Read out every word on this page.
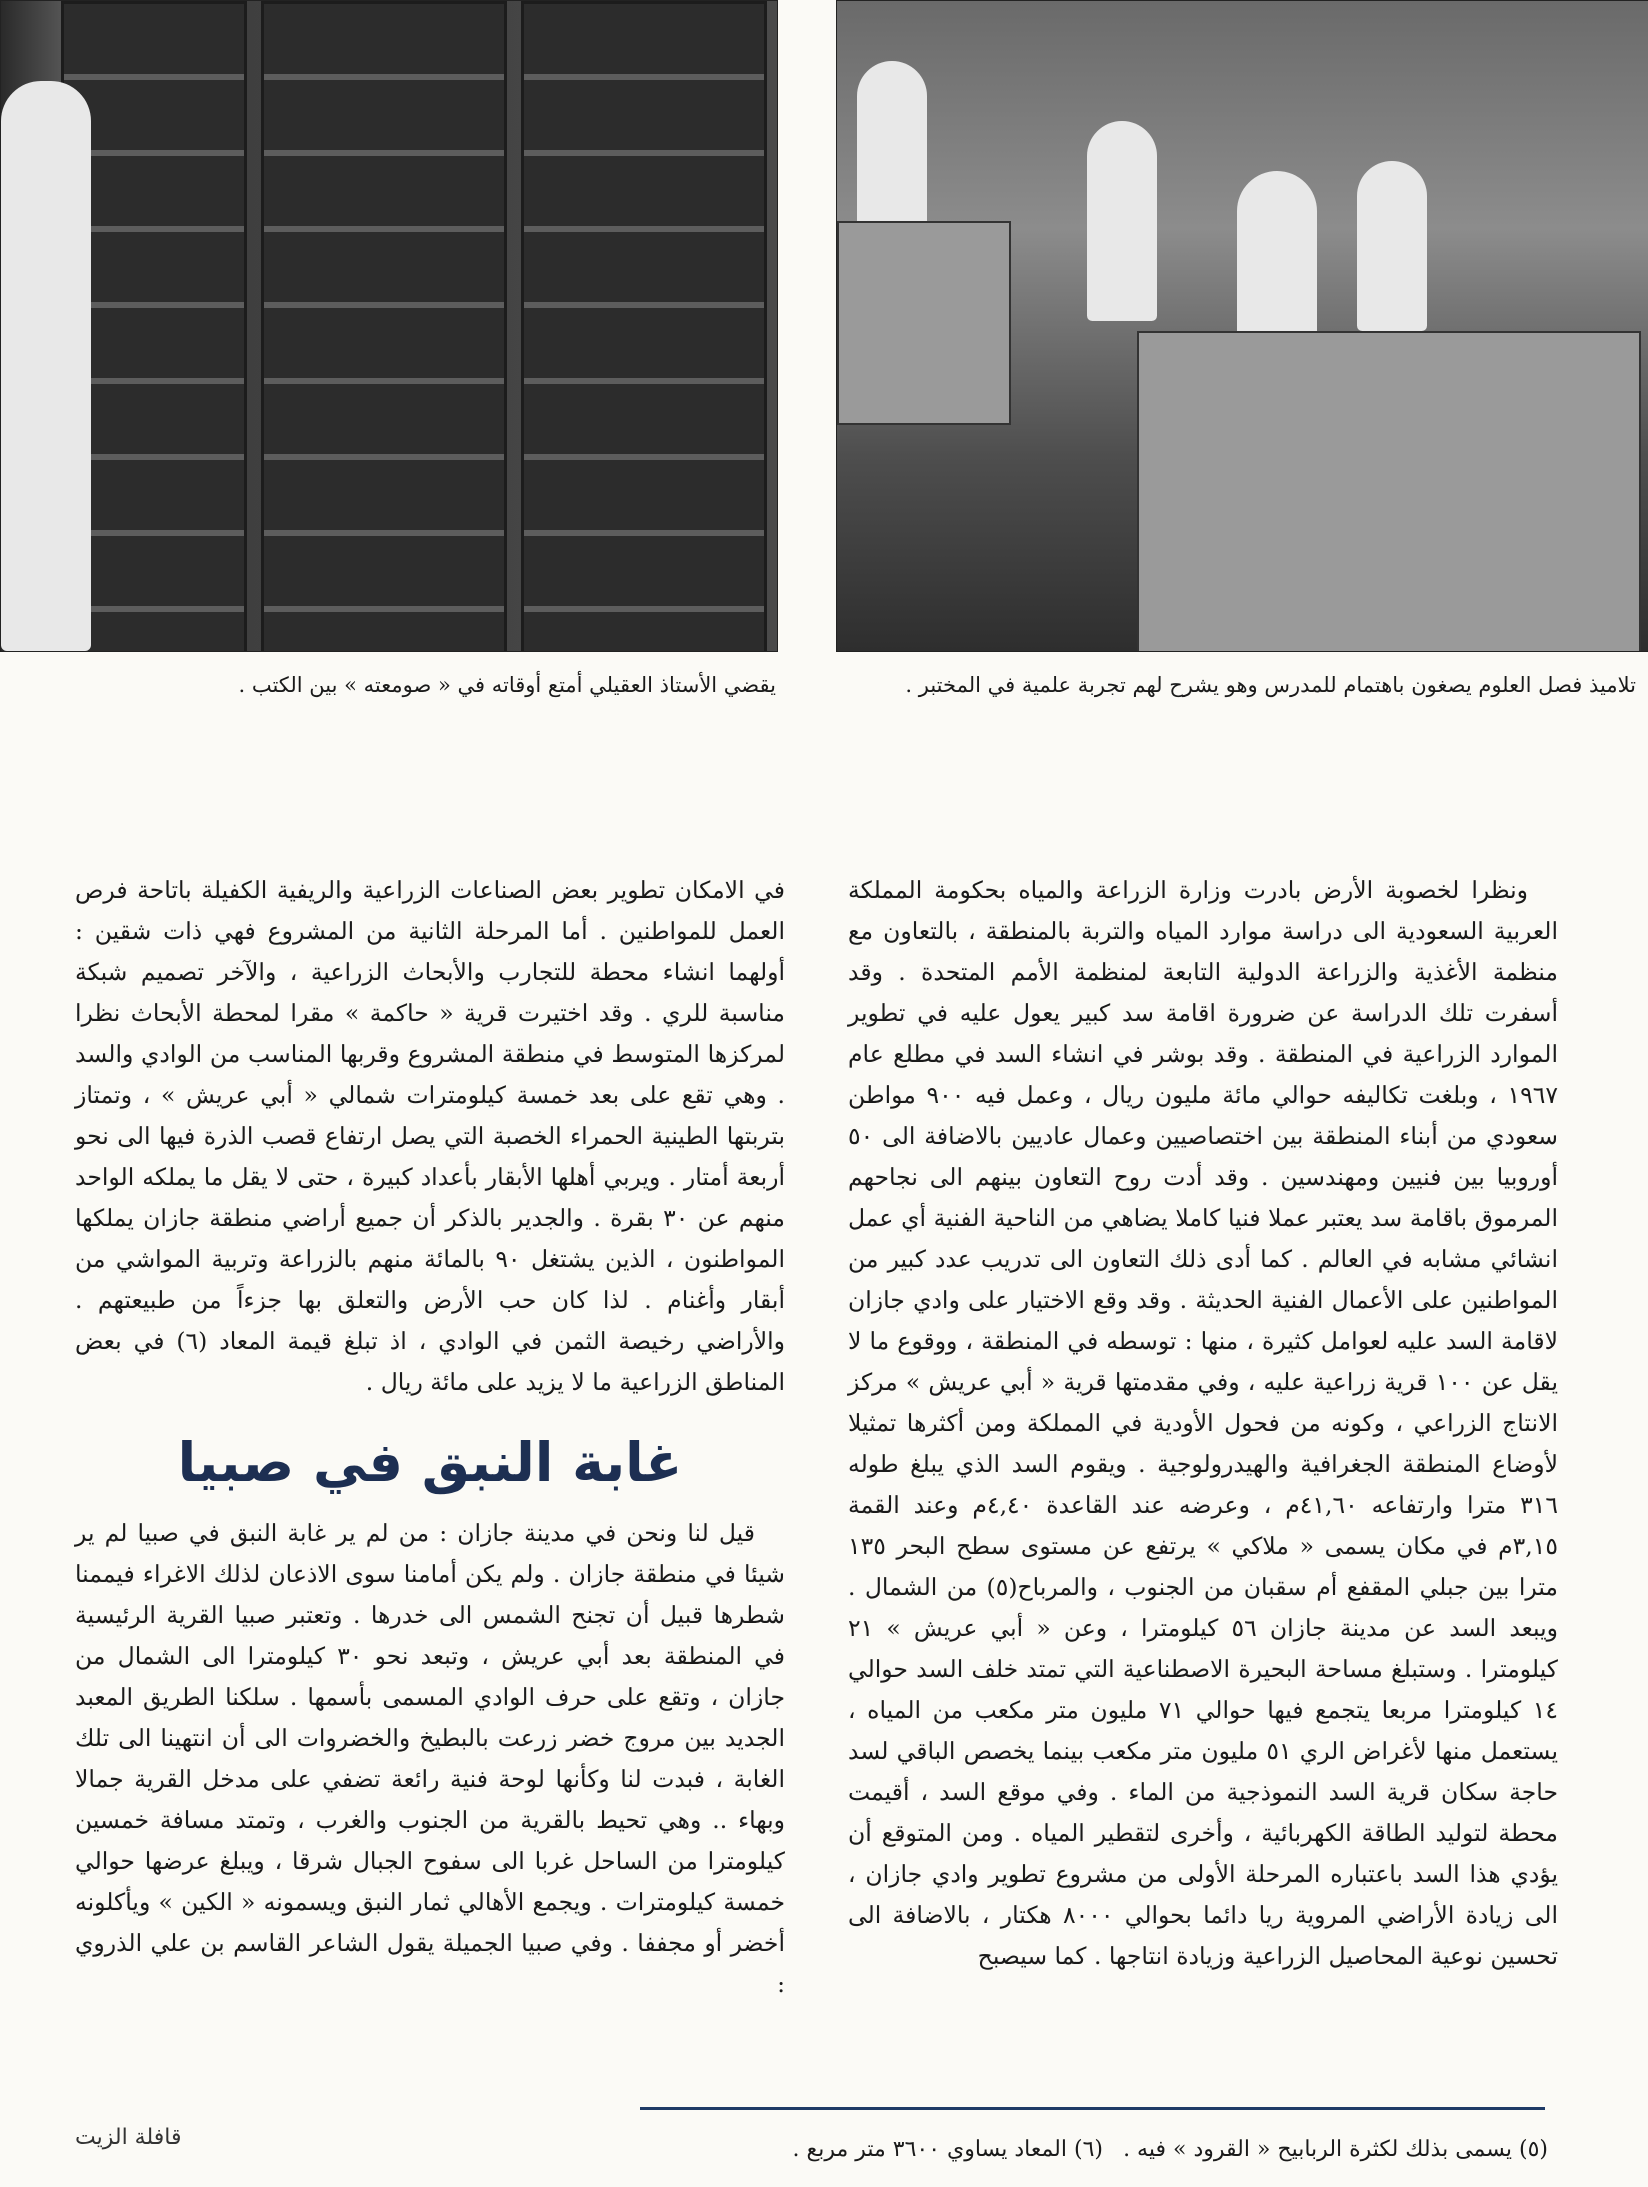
يقضي الأستاذ العقيلي أمتع أوقاته في « صومعته » بين الكتب .	تلاميذ فصل العلوم يصغون باهتمام للمدرس وهو يشرح لهم تجربة علمية في المختبر .

ونظرا لخصوبة الأرض بادرت وزارة الزراعة والمياه بحكومة المملكة العربية السعودية الى دراسة موارد المياه والتربة بالمنطقة ، بالتعاون مع منظمة الأغذية والزراعة الدولية التابعة لمنظمة الأمم المتحدة . وقد أسفرت تلك الدراسة عن ضرورة اقامة سد كبير يعول عليه في تطوير الموارد الزراعية في المنطقة . وقد بوشر في انشاء السد في مطلع عام ١٩٦٧ ، وبلغت تكاليفه حوالي مائة مليون ريال ، وعمل فيه ٩٠٠ مواطن سعودي من أبناء المنطقة بين اختصاصيين وعمال عاديين بالاضافة الى ٥٠ أوروبيا بين فنيين ومهندسين . وقد أدت روح التعاون بينهم الى نجاحهم المرموق باقامة سد يعتبر عملا فنيا كاملا يضاهي من الناحية الفنية أي عمل انشائي مشابه في العالم . كما أدى ذلك التعاون الى تدريب عدد كبير من المواطنين على الأعمال الفنية الحديثة . وقد وقع الاختيار على وادي جازان لاقامة السد عليه لعوامل كثيرة ، منها : توسطه في المنطقة ، ووقوع ما لا يقل عن ١٠٠ قرية زراعية عليه ، وفي مقدمتها قرية « أبي عريش » مركز الانتاج الزراعي ، وكونه من فحول الأودية في المملكة ومن أكثرها تمثيلا لأوضاع المنطقة الجغرافية والهيدرولوجية . ويقوم السد الذي يبلغ طوله ٣١٦ مترا وارتفاعه ٤١,٦٠م ، وعرضه عند القاعدة ٤,٤٠م وعند القمة ٣,١٥م في مكان يسمى « ملاكي » يرتفع عن مستوى سطح البحر ١٣٥ مترا بين جبلي المقفع أم سقبان من الجنوب ، والمرباح(٥) من الشمال . ويبعد السد عن مدينة جازان ٥٦ كيلومترا ، وعن « أبي عريش » ٢١ كيلومترا . وستبلغ مساحة البحيرة الاصطناعية التي تمتد خلف السد حوالي ١٤ كيلومترا مربعا يتجمع فيها حوالي ٧١ مليون متر مكعب من المياه ، يستعمل منها لأغراض الري ٥١ مليون متر مكعب بينما يخصص الباقي لسد حاجة سكان قرية السد النموذجية من الماء . وفي موقع السد ، أقيمت محطة لتوليد الطاقة الكهربائية ، وأخرى لتقطير المياه . ومن المتوقع أن يؤدي هذا السد باعتباره المرحلة الأولى من مشروع تطوير وادي جازان ، الى زيادة الأراضي المروية ريا دائما بحوالي ٨٠٠٠ هكتار ، بالاضافة الى تحسين نوعية المحاصيل الزراعية وزيادة انتاجها . كما سيصبح

في الامكان تطوير بعض الصناعات الزراعية والريفية الكفيلة باتاحة فرص العمل للمواطنين . أما المرحلة الثانية من المشروع فهي ذات شقين : أولهما انشاء محطة للتجارب والأبحاث الزراعية ، والآخر تصميم شبكة مناسبة للري . وقد اختيرت قرية « حاكمة » مقرا لمحطة الأبحاث نظرا لمركزها المتوسط في منطقة المشروع وقربها المناسب من الوادي والسد . وهي تقع على بعد خمسة كيلومترات شمالي « أبي عريش » ، وتمتاز بتربتها الطينية الحمراء الخصبة التي يصل ارتفاع قصب الذرة فيها الى نحو أربعة أمتار . ويربي أهلها الأبقار بأعداد كبيرة ، حتى لا يقل ما يملكه الواحد منهم عن ٣٠ بقرة . والجدير بالذكر أن جميع أراضي منطقة جازان يملكها المواطنون ، الذين يشتغل ٩٠ بالمائة منهم بالزراعة وتربية المواشي من أبقار وأغنام . لذا كان حب الأرض والتعلق بها جزءاً من طبيعتهم . والأراضي رخيصة الثمن في الوادي ، اذ تبلغ قيمة المعاد (٦) في بعض المناطق الزراعية ما لا يزيد على مائة ريال .

غابة النبق في صبيا

قيل لنا ونحن في مدينة جازان : من لم ير غابة النبق في صبيا لم ير شيئا في منطقة جازان . ولم يكن أمامنا سوى الاذعان لذلك الاغراء فيممنا شطرها قبيل أن تجنح الشمس الى خدرها . وتعتبر صبيا القرية الرئيسية في المنطقة بعد أبي عريش ، وتبعد نحو ٣٠ كيلومترا الى الشمال من جازان ، وتقع على حرف الوادي المسمى بأسمها . سلكنا الطريق المعبد الجديد بين مروج خضر زرعت بالبطيخ والخضروات الى أن انتهينا الى تلك الغابة ، فبدت لنا وكأنها لوحة فنية رائعة تضفي على مدخل القرية جمالا وبهاء .. وهي تحيط بالقرية من الجنوب والغرب ، وتمتد مسافة خمسين كيلومترا من الساحل غربا الى سفوح الجبال شرقا ، ويبلغ عرضها حوالي خمسة كيلومترات . ويجمع الأهالي ثمار النبق ويسمونه « الكين » ويأكلونه أخضر أو مجففا . وفي صبيا الجميلة يقول الشاعر القاسم بن علي الذروي :

(٥) يسمى بذلك لكثرة الربابيح « القرود » فيه .
(٦) المعاد يساوي ٣٦٠٠ متر مربع .
قافلة الزيت
